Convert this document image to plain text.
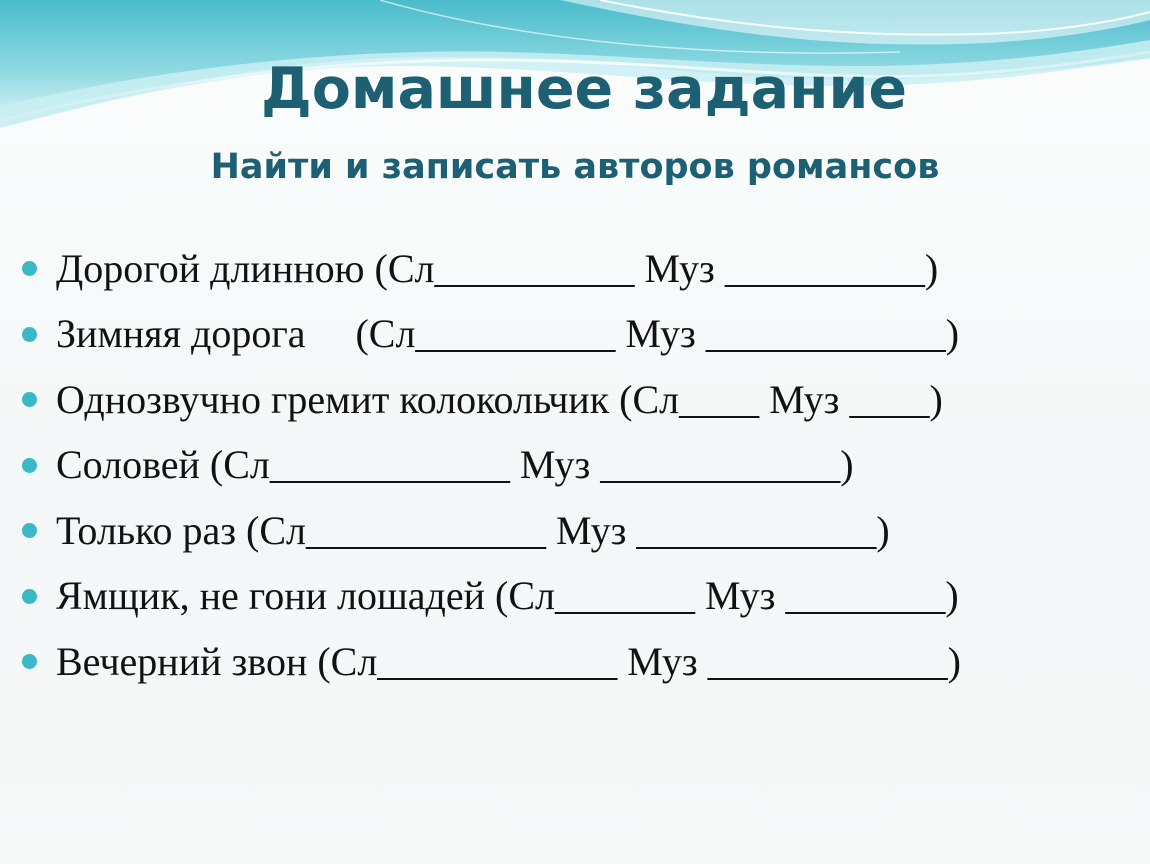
Домашнее задание
Найти и записать авторов романсов
Дорогой длинною (Сл__________ Муз __________)
Зимняя дорога     (Сл__________ Муз ____________)
Однозвучно гремит колокольчик (Сл____ Муз ____)
Соловей (Сл____________ Муз ____________)
Только раз (Сл____________ Муз ____________)
Ямщик, не гони лошадей (Сл_______ Муз ________)
Вечерний звон (Сл____________ Муз ____________)
